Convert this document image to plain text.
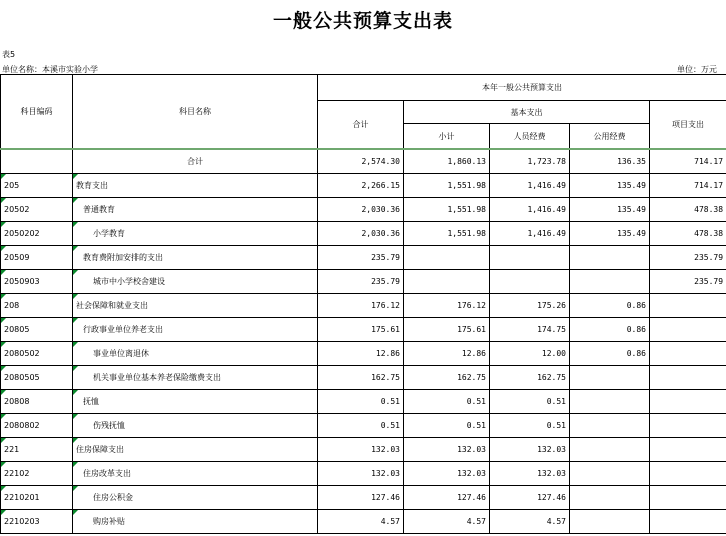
一般公共预算支出表
表5
单位名称：本溪市实验小学	单位：万元
科目编码	科目名称	本年一般公共预算支出				
		合计	基本支出			项目支出
			小计	人员经费	公用经费	
	合计	2,574.30	1,860.13	1,723.78	136.35	714.17
205	教育支出	2,266.15	1,551.98	1,416.49	135.49	714.17
20502	普通教育	2,030.36	1,551.98	1,416.49	135.49	478.38
2050202	小学教育	2,030.36	1,551.98	1,416.49	135.49	478.38
20509	教育费附加安排的支出	235.79				235.79
2050903	城市中小学校舍建设	235.79				235.79
208	社会保障和就业支出	176.12	176.12	175.26	0.86	
20805	行政事业单位养老支出	175.61	175.61	174.75	0.86	
2080502	事业单位离退休	12.86	12.86	12.00	0.86	
2080505	机关事业单位基本养老保险缴费支出	162.75	162.75	162.75		
20808	抚恤	0.51	0.51	0.51		
2080802	伤残抚恤	0.51	0.51	0.51		
221	住房保障支出	132.03	132.03	132.03		
22102	住房改革支出	132.03	132.03	132.03		
2210201	住房公积金	127.46	127.46	127.46		
2210203	购房补贴	4.57	4.57	4.57		
